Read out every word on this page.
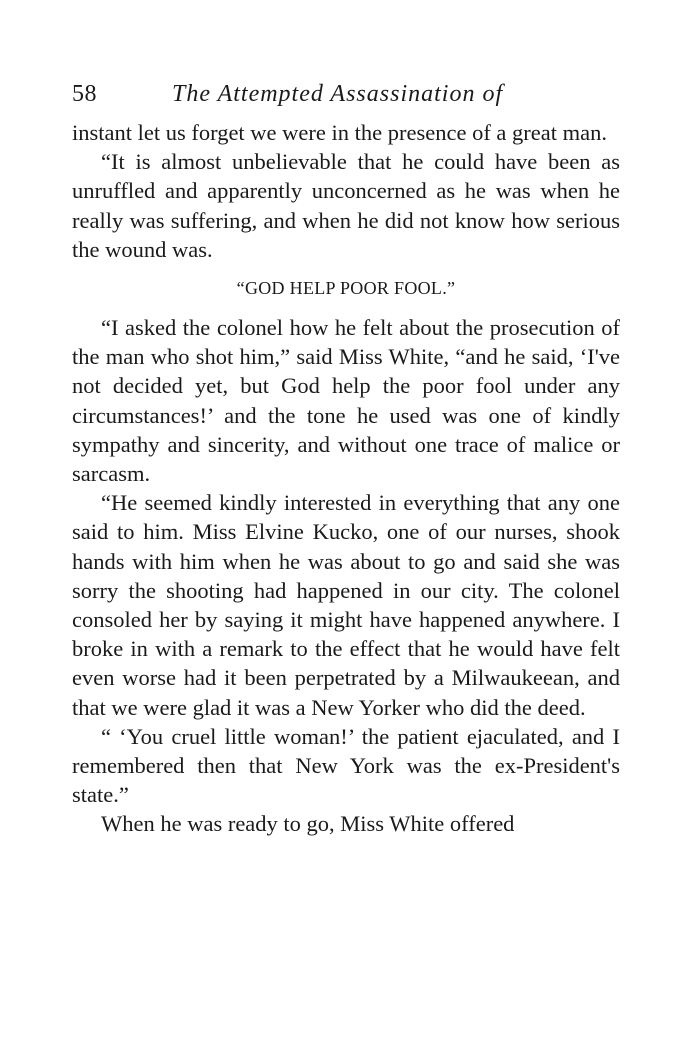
58	The Attempted Assassination of

instant let us forget we were in the presence of a great man.

“It is almost unbelievable that he could have been as unruffled and apparently unconcerned as he was when he really was suffering, and when he did not know how serious the wound was.

“GOD HELP POOR FOOL.”

“I asked the colonel how he felt about the prosecution of the man who shot him,” said Miss White, “and he said, ‘I've not decided yet, but God help the poor fool under any circumstances!’ and the tone he used was one of kindly sympathy and sincerity, and without one trace of malice or sarcasm.

“He seemed kindly interested in everything that any one said to him. Miss Elvine Kucko, one of our nurses, shook hands with him when he was about to go and said she was sorry the shooting had happened in our city. The colonel consoled her by saying it might have happened anywhere. I broke in with a remark to the effect that he would have felt even worse had it been perpetrated by a Milwaukeean, and that we were glad it was a New Yorker who did the deed.

“ ‘You cruel little woman!’ the patient ejaculated, and I remembered then that New York was the ex-President's state.”

When he was ready to go, Miss White offered
